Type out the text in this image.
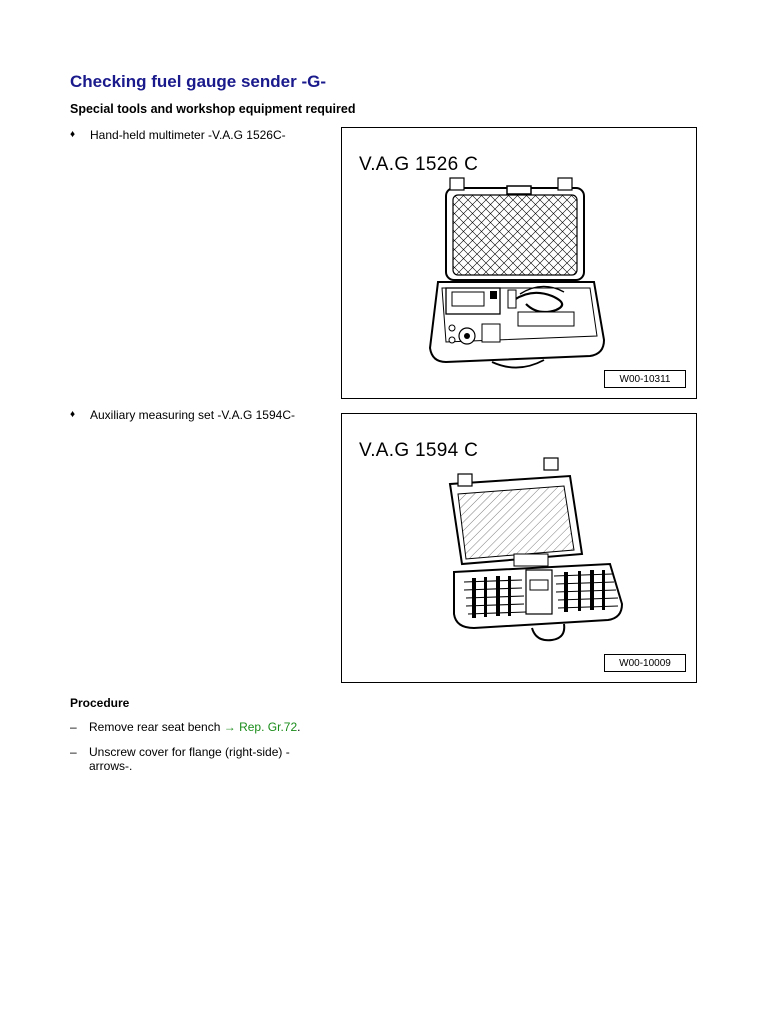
Checking fuel gauge sender -G-
Special tools and workshop equipment required
♦	Hand-held multimeter -V.A.G 1526C-
V.A.G 1526 C
W00-10311
♦	Auxiliary measuring set -V.A.G 1594C-
V.A.G 1594 C
W00-10009
Procedure
–	Remove rear seat bench → Rep. Gr.72.
–	Unscrew cover for flange (right-side) -arrows-.
